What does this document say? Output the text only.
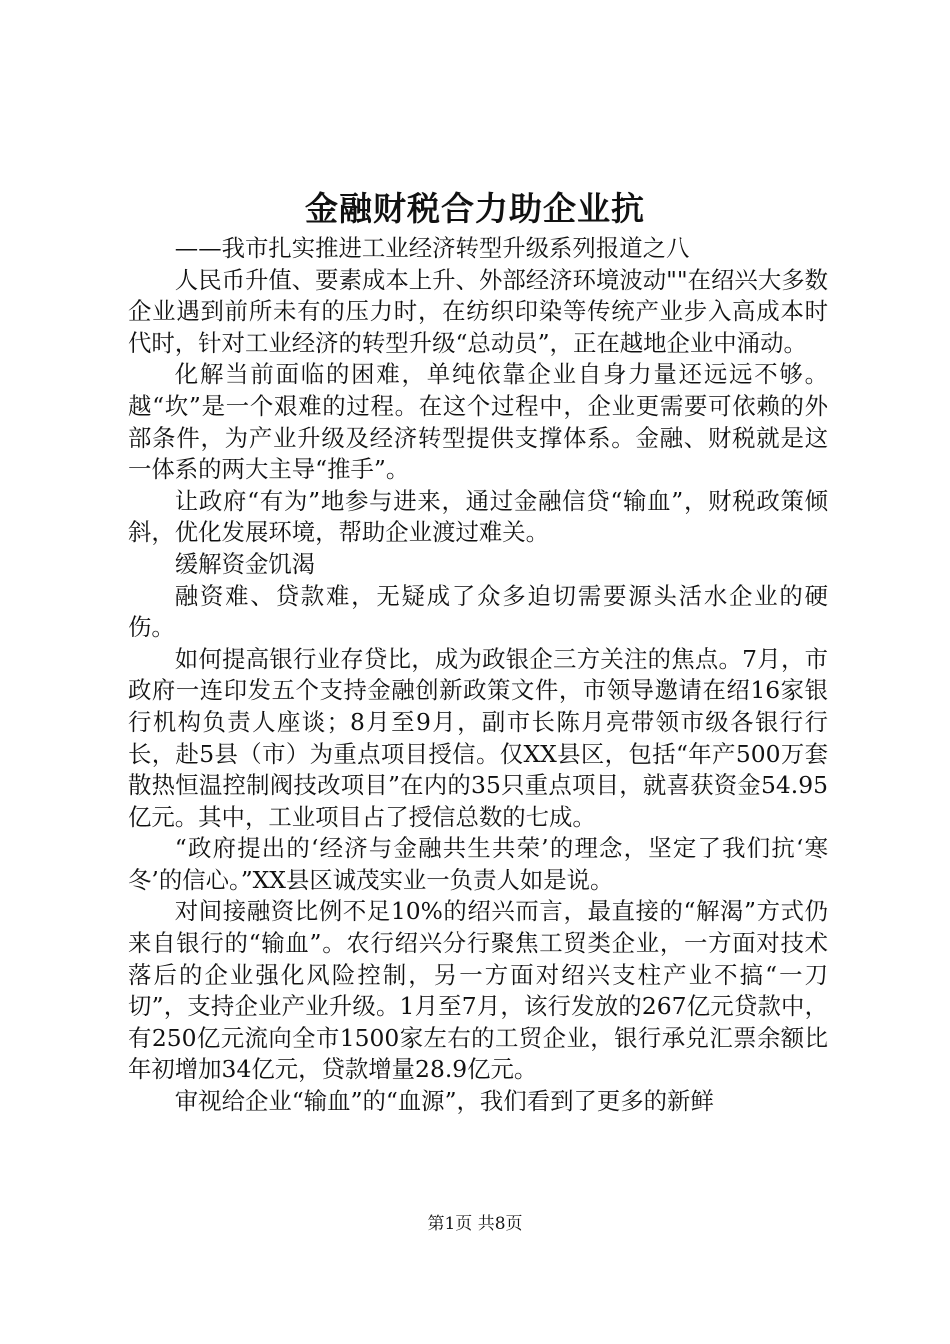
金融财税合力助企业抗

——我市扎实推进工业经济转型升级系列报道之八

人民币升值、要素成本上升、外部经济环境波动""在绍兴大多数企业遇到前所未有的压力时，在纺织印染等传统产业步入高成本时代时，针对工业经济的转型升级“总动员”，正在越地企业中涌动。

化解当前面临的困难，单纯依靠企业自身力量还远远不够。越“坎”是一个艰难的过程。在这个过程中，企业更需要可依赖的外部条件，为产业升级及经济转型提供支撑体系。金融、财税就是这一体系的两大主导“推手”。

让政府“有为”地参与进来，通过金融信贷“输血”，财税政策倾斜，优化发展环境，帮助企业渡过难关。

缓解资金饥渴

融资难、贷款难，无疑成了众多迫切需要源头活水企业的硬伤。

如何提高银行业存贷比，成为政银企三方关注的焦点。7月，市政府一连印发五个支持金融创新政策文件，市领导邀请在绍16家银行机构负责人座谈；8月至9月，副市长陈月亮带领市级各银行行长，赴5县（市）为重点项目授信。仅XX县区，包括“年产500万套散热恒温控制阀技改项目”在内的35只重点项目，就喜获资金54.95亿元。其中，工业项目占了授信总数的七成。

“政府提出的‘经济与金融共生共荣’的理念，坚定了我们抗‘寒冬’的信心。”XX县区诚茂实业一负责人如是说。

对间接融资比例不足10%的绍兴而言，最直接的“解渴”方式仍来自银行的“输血”。农行绍兴分行聚焦工贸类企业，一方面对技术落后的企业强化风险控制，另一方面对绍兴支柱产业不搞“一刀切”，支持企业产业升级。1月至7月，该行发放的267亿元贷款中，有250亿元流向全市1500家左右的工贸企业，银行承兑汇票余额比年初增加34亿元，贷款增量28.9亿元。

审视给企业“输血”的“血源”，我们看到了更多的新鲜

第1页 共8页
